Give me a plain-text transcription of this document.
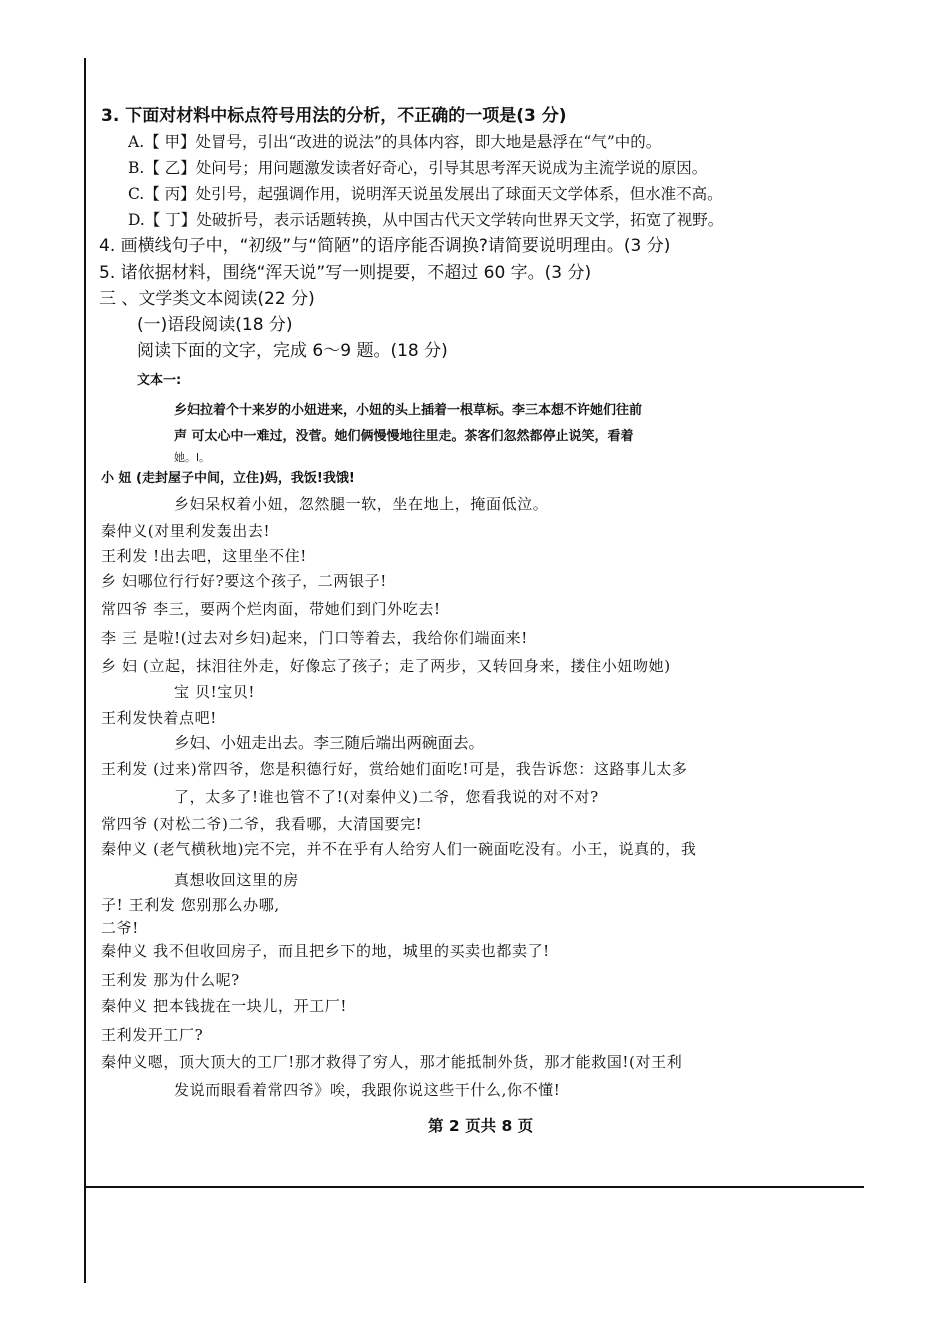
3. 下面对材料中标点符号用法的分析，不正确的一项是(3 分)
A.【 甲】处冒号，引出“改进的说法”的具体内容，即大地是悬浮在“气”中的。
B.【 乙】处问号；用问题激发读者好奇心，引导其思考浑天说成为主流学说的原因。
C.【 丙】处引号，起强调作用，说明浑天说虽发展出了球面天文学体系，但水准不高。
D.【 丁】处破折号，表示话题转换，从中国古代天文学转向世界天文学，拓宽了视野。
4. 画横线句子中，“初级”与“简陋”的语序能否调换?请简要说明理由。(3 分)
5. 诸依据材料，围绕“浑天说”写一则提要，不超过 60 字。(3 分)
三 、文学类文本阅读(22 分)
(一)语段阅读(18 分)
阅读下面的文字，完成 6～9 题。(18 分)
文本一:
乡妇拉着个十来岁的小妞进来，小妞的头上插着一根草标。李三本想不许她们往前
声 可太心中一难过，没菅。她们俩慢慢地往里走。茶客们忽然都停止说笑，看着
她。l。
小 妞 (走封屋子中间，立住)妈，我饭!我饿!
乡妇呆权着小妞，忽然腿一软，坐在地上，掩面低泣。
秦仲义(对里利发轰出去!
王利发 !出去吧，这里坐不住!
乡 妇哪位行行好?要这个孩子，二两银子!
常四爷 李三，要两个烂肉面，带她们到门外吃去!
李 三 是啦!(过去对乡妇)起来，门口等着去，我给你们端面来!
乡 妇 (立起，抹泪往外走，好像忘了孩子；走了两步，又转回身来，搂住小妞吻她)
宝 贝!宝贝!
王利发快着点吧!
乡妇、小妞走出去。李三随后端出两碗面去。
王利发 (过来)常四爷，您是积德行好，赏给她们面吃!可是，我告诉您：这路事儿太多
了，太多了!谁也管不了!(对秦仲义)二爷，您看我说的对不对?
常四爷 (对松二爷)二爷，我看哪，大清国要完!
秦仲义 (老气横秋地)完不完，并不在乎有人给穷人们一碗面吃没有。小王，说真的，我
真想收回这里的房
子! 王利发 您别那么办哪,
二爷!
秦仲义 我不但收回房子，而且把乡下的地，城里的买卖也都卖了!
王利发 那为什么呢?
秦仲义 把本钱拢在一块儿，开工厂!
王利发开工厂?
秦仲义嗯，顶大顶大的工厂!那才救得了穷人，那才能抵制外货，那才能救国!(对王利
发说而眼看着常四爷》唉，我跟你说这些干什么,你不懂!
第 2 页共 8 页
